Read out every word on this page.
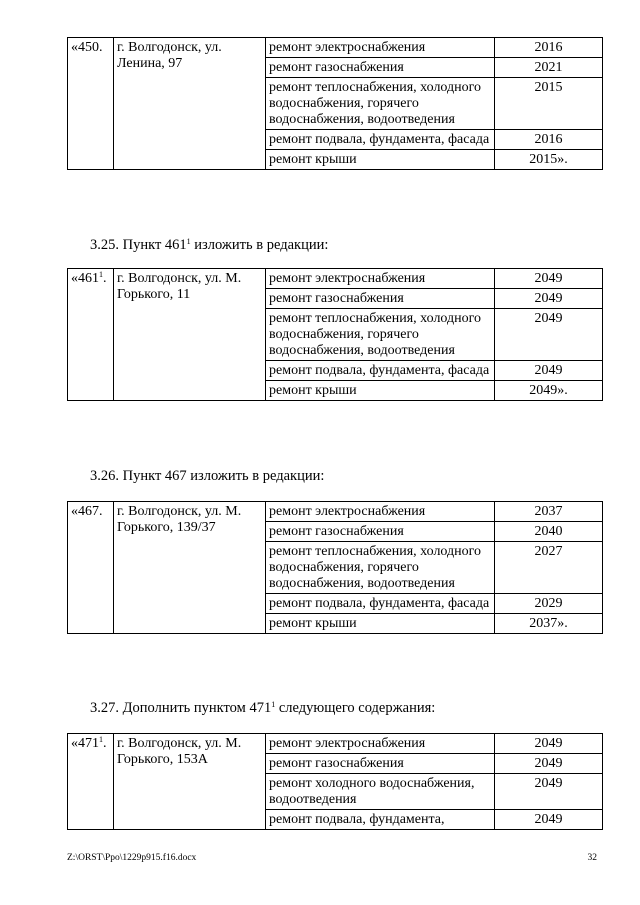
«450.	г. Волгодонск, ул. Ленина, 97	ремонт электроснабжения	2016
		ремонт газоснабжения	2021
		ремонт теплоснабжения, холодного водоснабжения, горячего водоснабжения, водоотведения	2015
		ремонт подвала, фундамента, фасада	2016
		ремонт крыши	2015».
3.25. Пункт $461^1$ изложить в редакции:
«$461^1$.	г. Волгодонск, ул. М. Горького, 11	ремонт электроснабжения	2049
		ремонт газоснабжения	2049
		ремонт теплоснабжения, холодного водоснабжения, горячего водоснабжения, водоотведения	2049
		ремонт подвала, фундамента, фасада	2049
		ремонт крыши	2049».
3.26. Пункт 467 изложить в редакции:
«467.	г. Волгодонск, ул. М. Горького, 139/37	ремонт электроснабжения	2037
		ремонт газоснабжения	2040
		ремонт теплоснабжения, холодного водоснабжения, горячего водоснабжения, водоотведения	2027
		ремонт подвала, фундамента, фасада	2029
		ремонт крыши	2037».
3.27. Дополнить пунктом $471^1$ следующего содержания:
«$471^1$.	г. Волгодонск, ул. М. Горького, 153А	ремонт электроснабжения	2049
		ремонт газоснабжения	2049
		ремонт холодного водоснабжения, водоотведения	2049
		ремонт подвала, фундамента,	2049
Z:\ORST\Ppo\1229p915.f16.docx	32
